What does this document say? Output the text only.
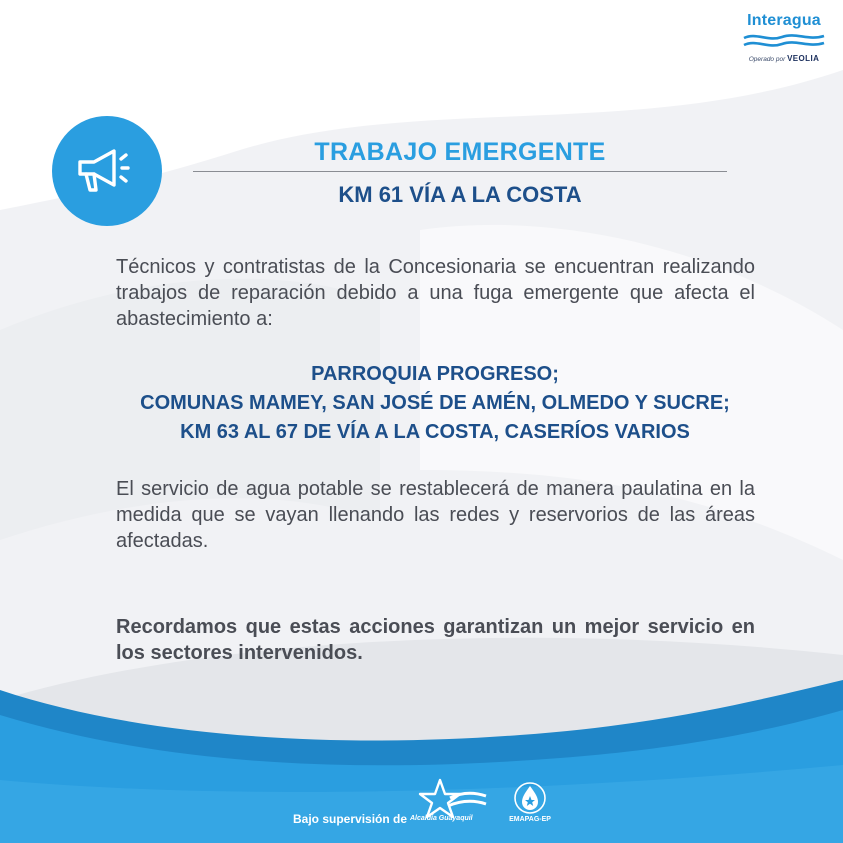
Interagua
Operado por VEOLIA
TRABAJO EMERGENTE
KM 61 VÍA A LA COSTA

Técnicos y contratistas de la Concesionaria se encuentran realizando trabajos de reparación debido a una fuga emergente que afecta el abastecimiento a:

PARROQUIA PROGRESO;
COMUNAS MAMEY, SAN JOSÉ DE AMÉN, OLMEDO Y SUCRE;
KM 63 AL 67 DE VÍA A LA COSTA, CASERÍOS VARIOS

El servicio de agua potable se restablecerá de manera paulatina en la medida que se vayan llenando las redes y reservorios de las áreas afectadas.

Recordamos que estas acciones garantizan un mejor servicio en los sectores intervenidos.

Bajo supervisión de Alcaldía Guayaquil	EMAPAG-EP
